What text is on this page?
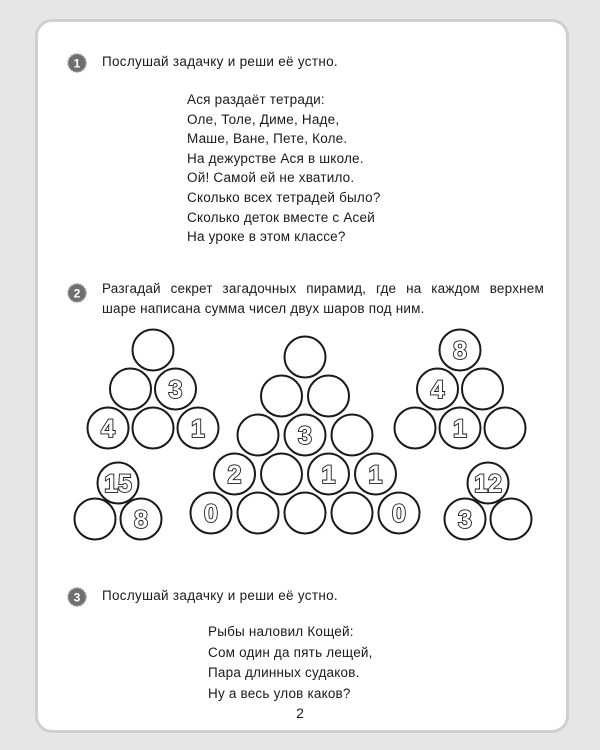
1 Послушай задачку и реши её устно.
Ася раздаёт тетради:
Оле, Толе, Диме, Наде,
Маше, Ване, Пете, Коле.
На дежурстве Ася в школе.
Ой! Самой ей не хватило.
Сколько всех тетрадей было?
Сколько деток вместе с Асей
На уроке в этом классе?
2 Разгадай секрет загадочных пирамид, где на каждом верхнем
шаре написана сумма чисел двух шаров под ним.
3
4	1	3
2	1 1
0	0
8
4
1
15
8
12
3
3 Послушай задачку и реши её устно.
Рыбы наловил Кощей:
Сом один да пять лещей,
Пара длинных судаков.
Ну а весь улов каков?
2
